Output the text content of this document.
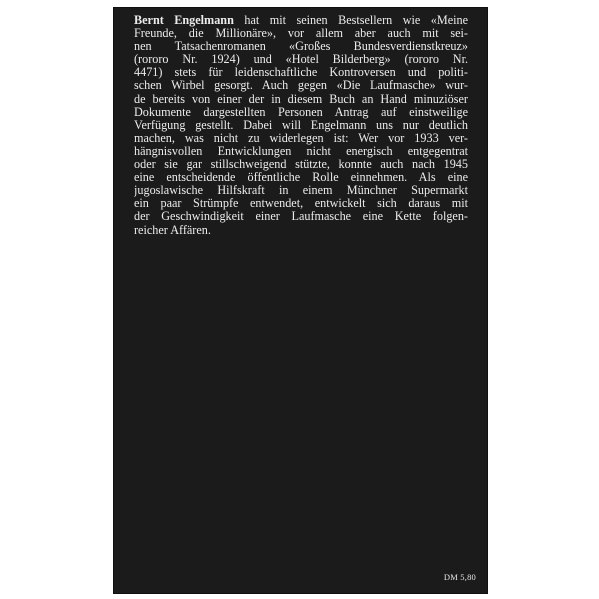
Bernt Engelmann hat mit seinen Bestsellern wie «Meine
Freunde, die Millionäre», vor allem aber auch mit sei-
nen Tatsachenromanen «Großes Bundesverdienstkreuz»
(rororo Nr. 1924) und «Hotel Bilderberg» (rororo Nr.
4471) stets für leidenschaftliche Kontroversen und politi-
schen Wirbel gesorgt. Auch gegen «Die Laufmasche» wur-
de bereits von einer der in diesem Buch an Hand minuziöser
Dokumente dargestellten Personen Antrag auf einstweilige
Verfügung gestellt. Dabei will Engelmann uns nur deutlich
machen, was nicht zu widerlegen ist: Wer vor 1933 ver-
hängnisvollen Entwicklungen nicht energisch entgegentrat
oder sie gar stillschweigend stützte, konnte auch nach 1945
eine entscheidende öffentliche Rolle einnehmen. Als eine
jugoslawische Hilfskraft in einem Münchner Supermarkt
ein paar Strümpfe entwendet, entwickelt sich daraus mit
der Geschwindigkeit einer Laufmasche eine Kette folgen-
reicher Affären.
DM 5,80
